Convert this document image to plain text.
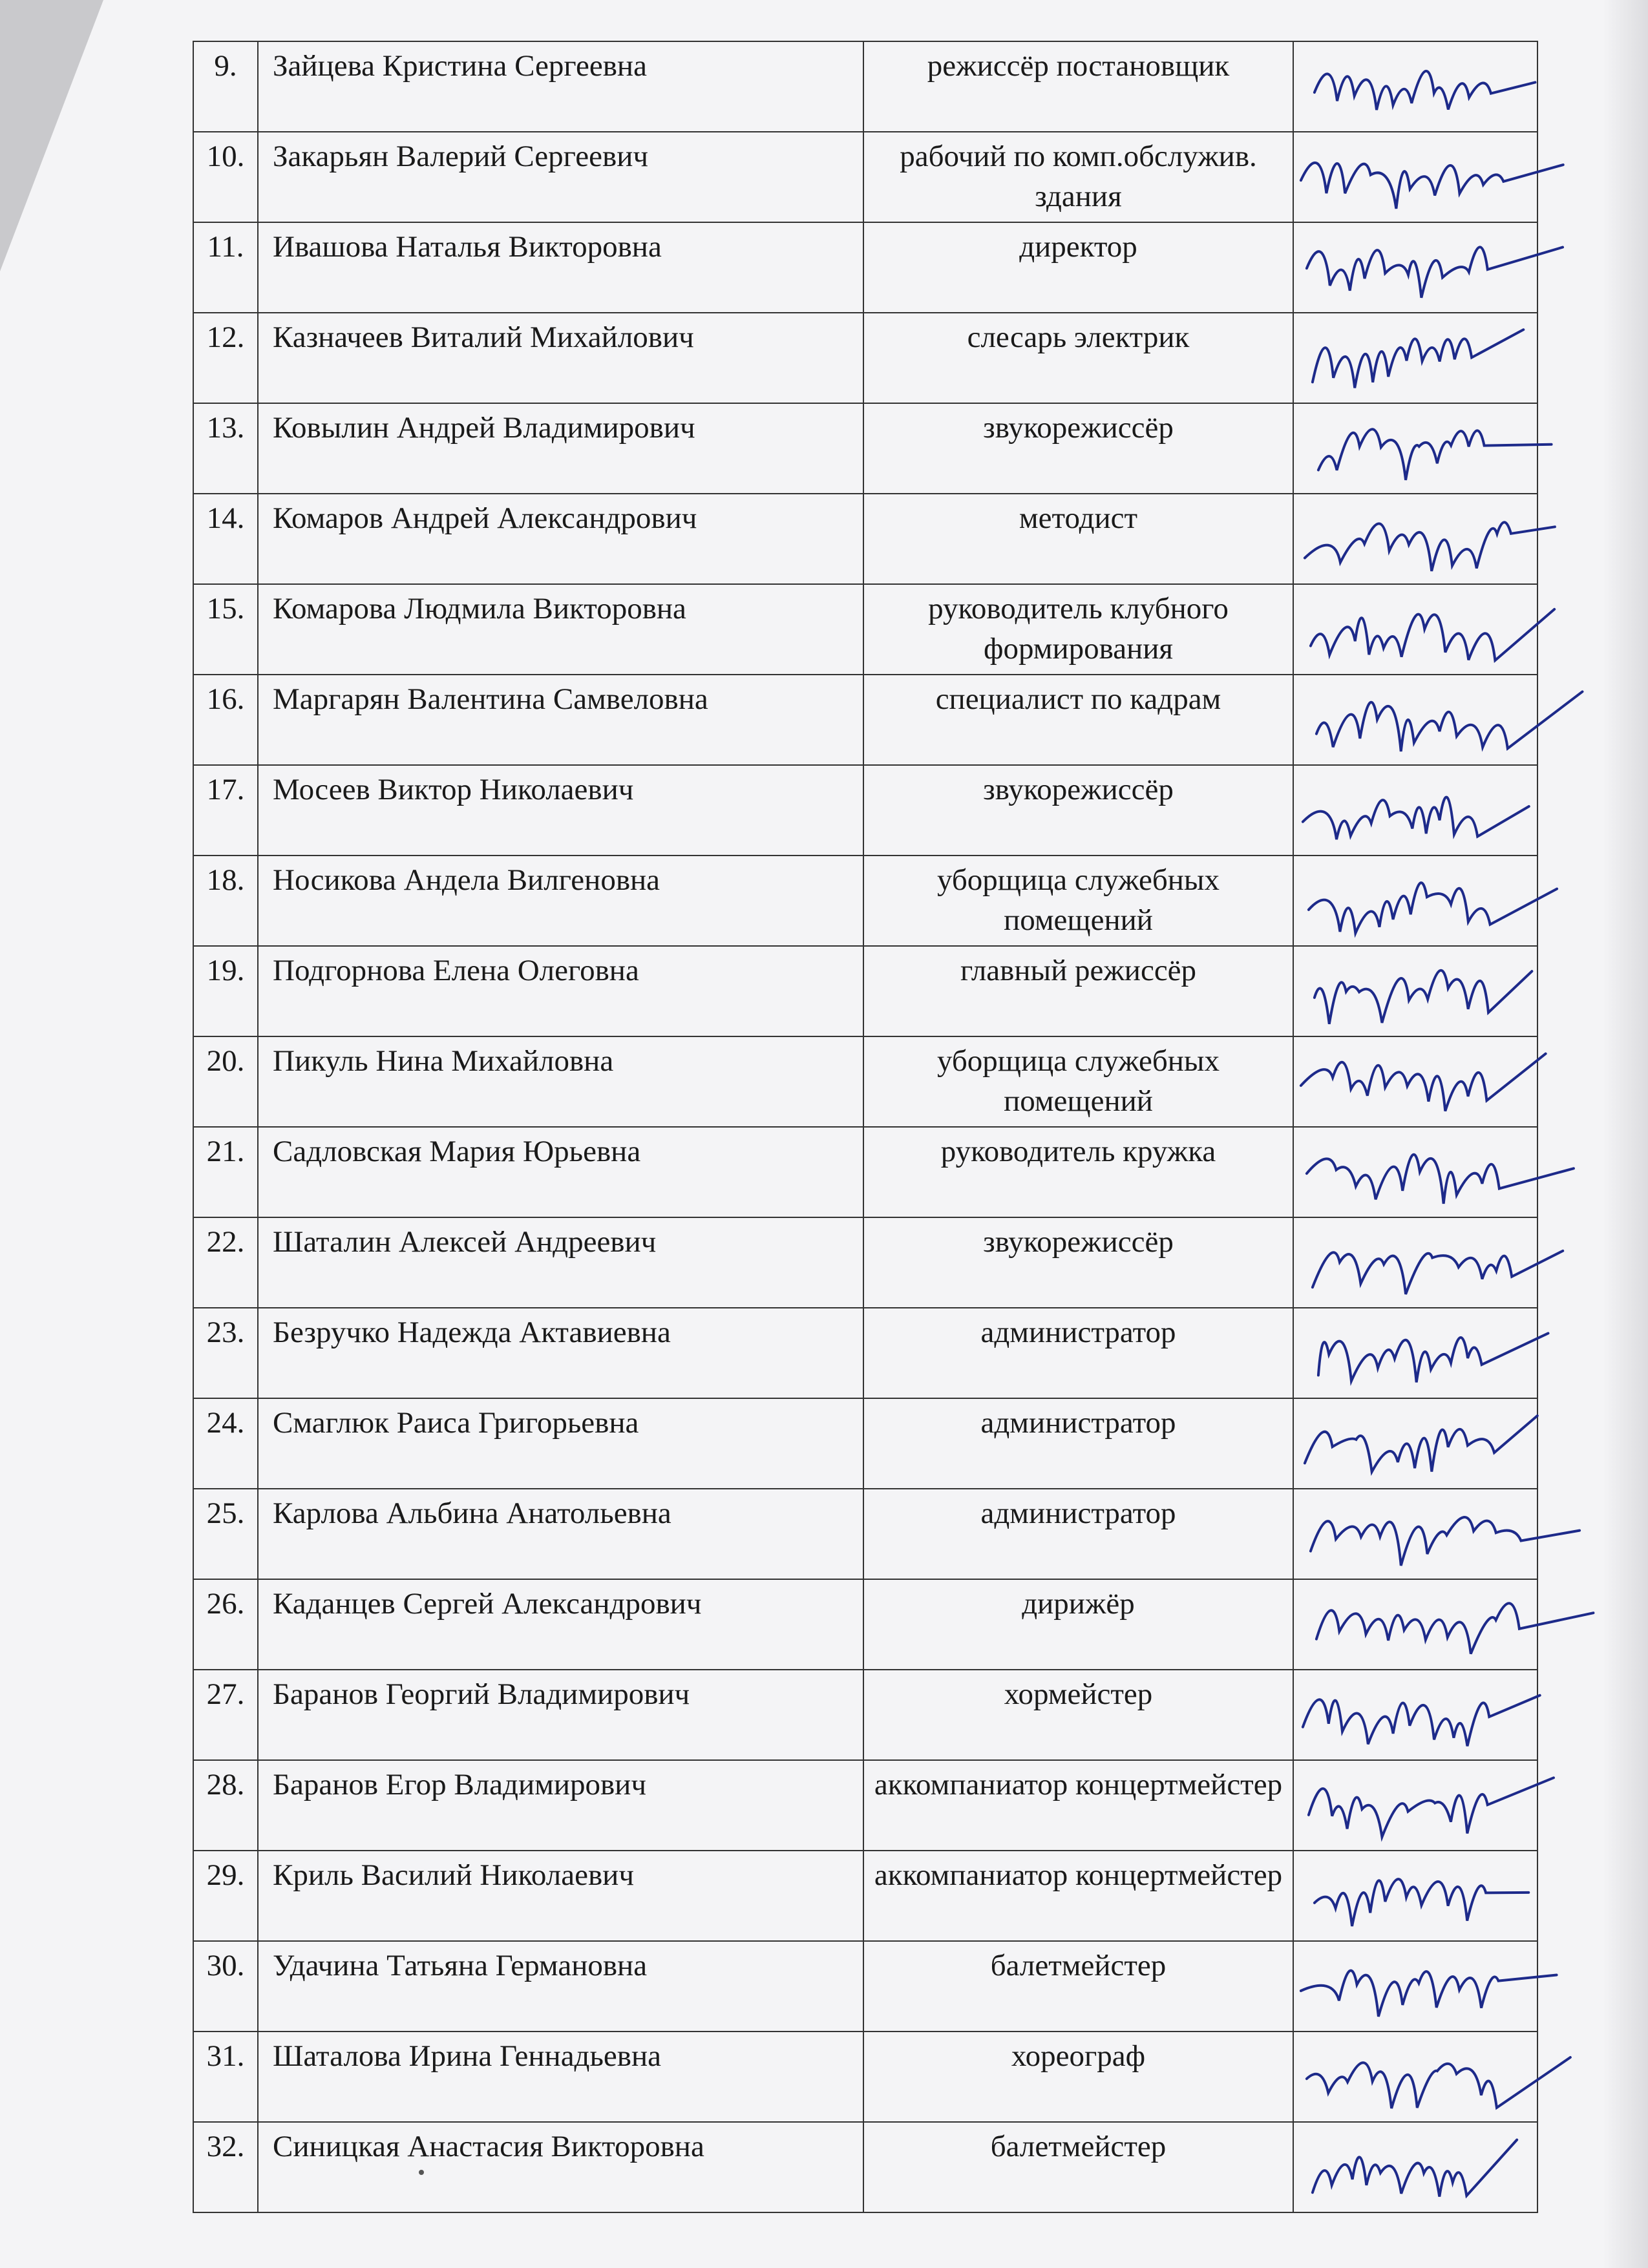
9.	Зайцева Кристина Сергеевна	режиссёр постановщик	

10.	Закарьян Валерий Сергеевич	рабочий по комп.обслужив. здания	

11.	Ивашова Наталья Викторовна	директор	

12.	Казначеев Виталий Михайлович	слесарь электрик	

13.	Ковылин Андрей Владимирович	звукорежиссёр	

14.	Комаров Андрей Александрович	методист	

15.	Комарова Людмила Викторовна	руководитель клубного формирования	

16.	Маргарян Валентина Самвеловна	специалист по кадрам	

17.	Мосеев Виктор Николаевич	звукорежиссёр	

18.	Носикова Андела Вилгеновна	уборщица служебных помещений	

19.	Подгорнова Елена Олеговна	главный режиссёр	

20.	Пикуль Нина Михайловна	уборщица служебных помещений	

21.	Садловская Мария Юрьевна	руководитель кружка	

22.	Шаталин Алексей Андреевич	звукорежиссёр	

23.	Безручко Надежда Актавиевна	администратор	

24.	Смаглюк Раиса Григорьевна	администратор	

25.	Карлова Альбина Анатольевна	администратор	

26.	Каданцев Сергей Александрович	дирижёр	

27.	Баранов Георгий Владимирович	хормейстер	

28.	Баранов Егор Владимирович	аккомпаниатор концертмейстер	

29.	Криль Василий Николаевич	аккомпаниатор концертмейстер	

30.	Удачина Татьяна Германовна	балетмейстер	

31.	Шаталова Ирина Геннадьевна	хореограф	

32.	Синицкая Анастасия Викторовна	балетмейстер	
